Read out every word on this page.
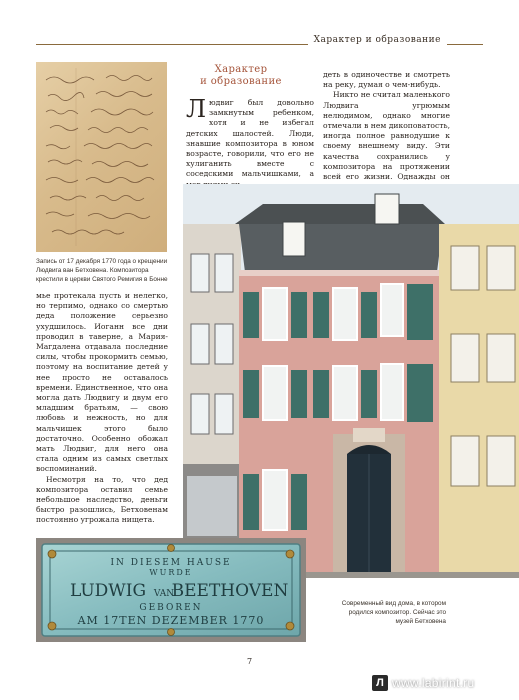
Характер и образование
Запись от 17 декабря 1770 года о крещении Людвига ван Бетховена. Композитора крестили в церкви Святого Ремигия в Бонне
Характер
и образование
Людвиг был довольно замкнутым ребенком, хотя и не избегал детских шалостей. Люди, знавшие композитора в юном возрасте, говорили, что его не хулиганить вместе с соседскими мальчишками, а

деть в одиночестве и смотреть на реку, думая о чем-нибудь.

Никто не считал маленького Людвига угрюмым нелюдимом, однако многие отмечали в нем дикоповатость, иногда полное равнодушие к своему внешнему виду. Эти качества сохранились у композитора на протяжении всей его жизни. Однажды он

мье протекала пусть и нелегко, но терпимо, однако со смертью деда положение серьезно ухудшилось. Иоганн все дни проводил в таверне, а Мария-Магдалена отдавала последние силы, чтобы прокормить семью, поэтому на воспитание детей у нее просто не оставалось времени. Единственное, что она могла дать Людвигу и двум его младшим братьям, — свою любовь и нежность, но для мальчишек этого было достаточно. Особенно обожал мать Людвиг, для него она стала одним из самых светлых воспоминаний.

Несмотря на то, что дед композитора оставил семье небольшое наследство, деньги быстро разошлись, Бетховенам постоянно угрожала нищета.

IN DIESEM HAUSE
WURDE
LUDWIG VAN
BEETHOVEN
GEBOREN
AM 17TEN DEZEMBER 1770
Современный вид дома, в котором родился композитор. Сейчас это музей Бетховена
7
Л www.labirint.ru
